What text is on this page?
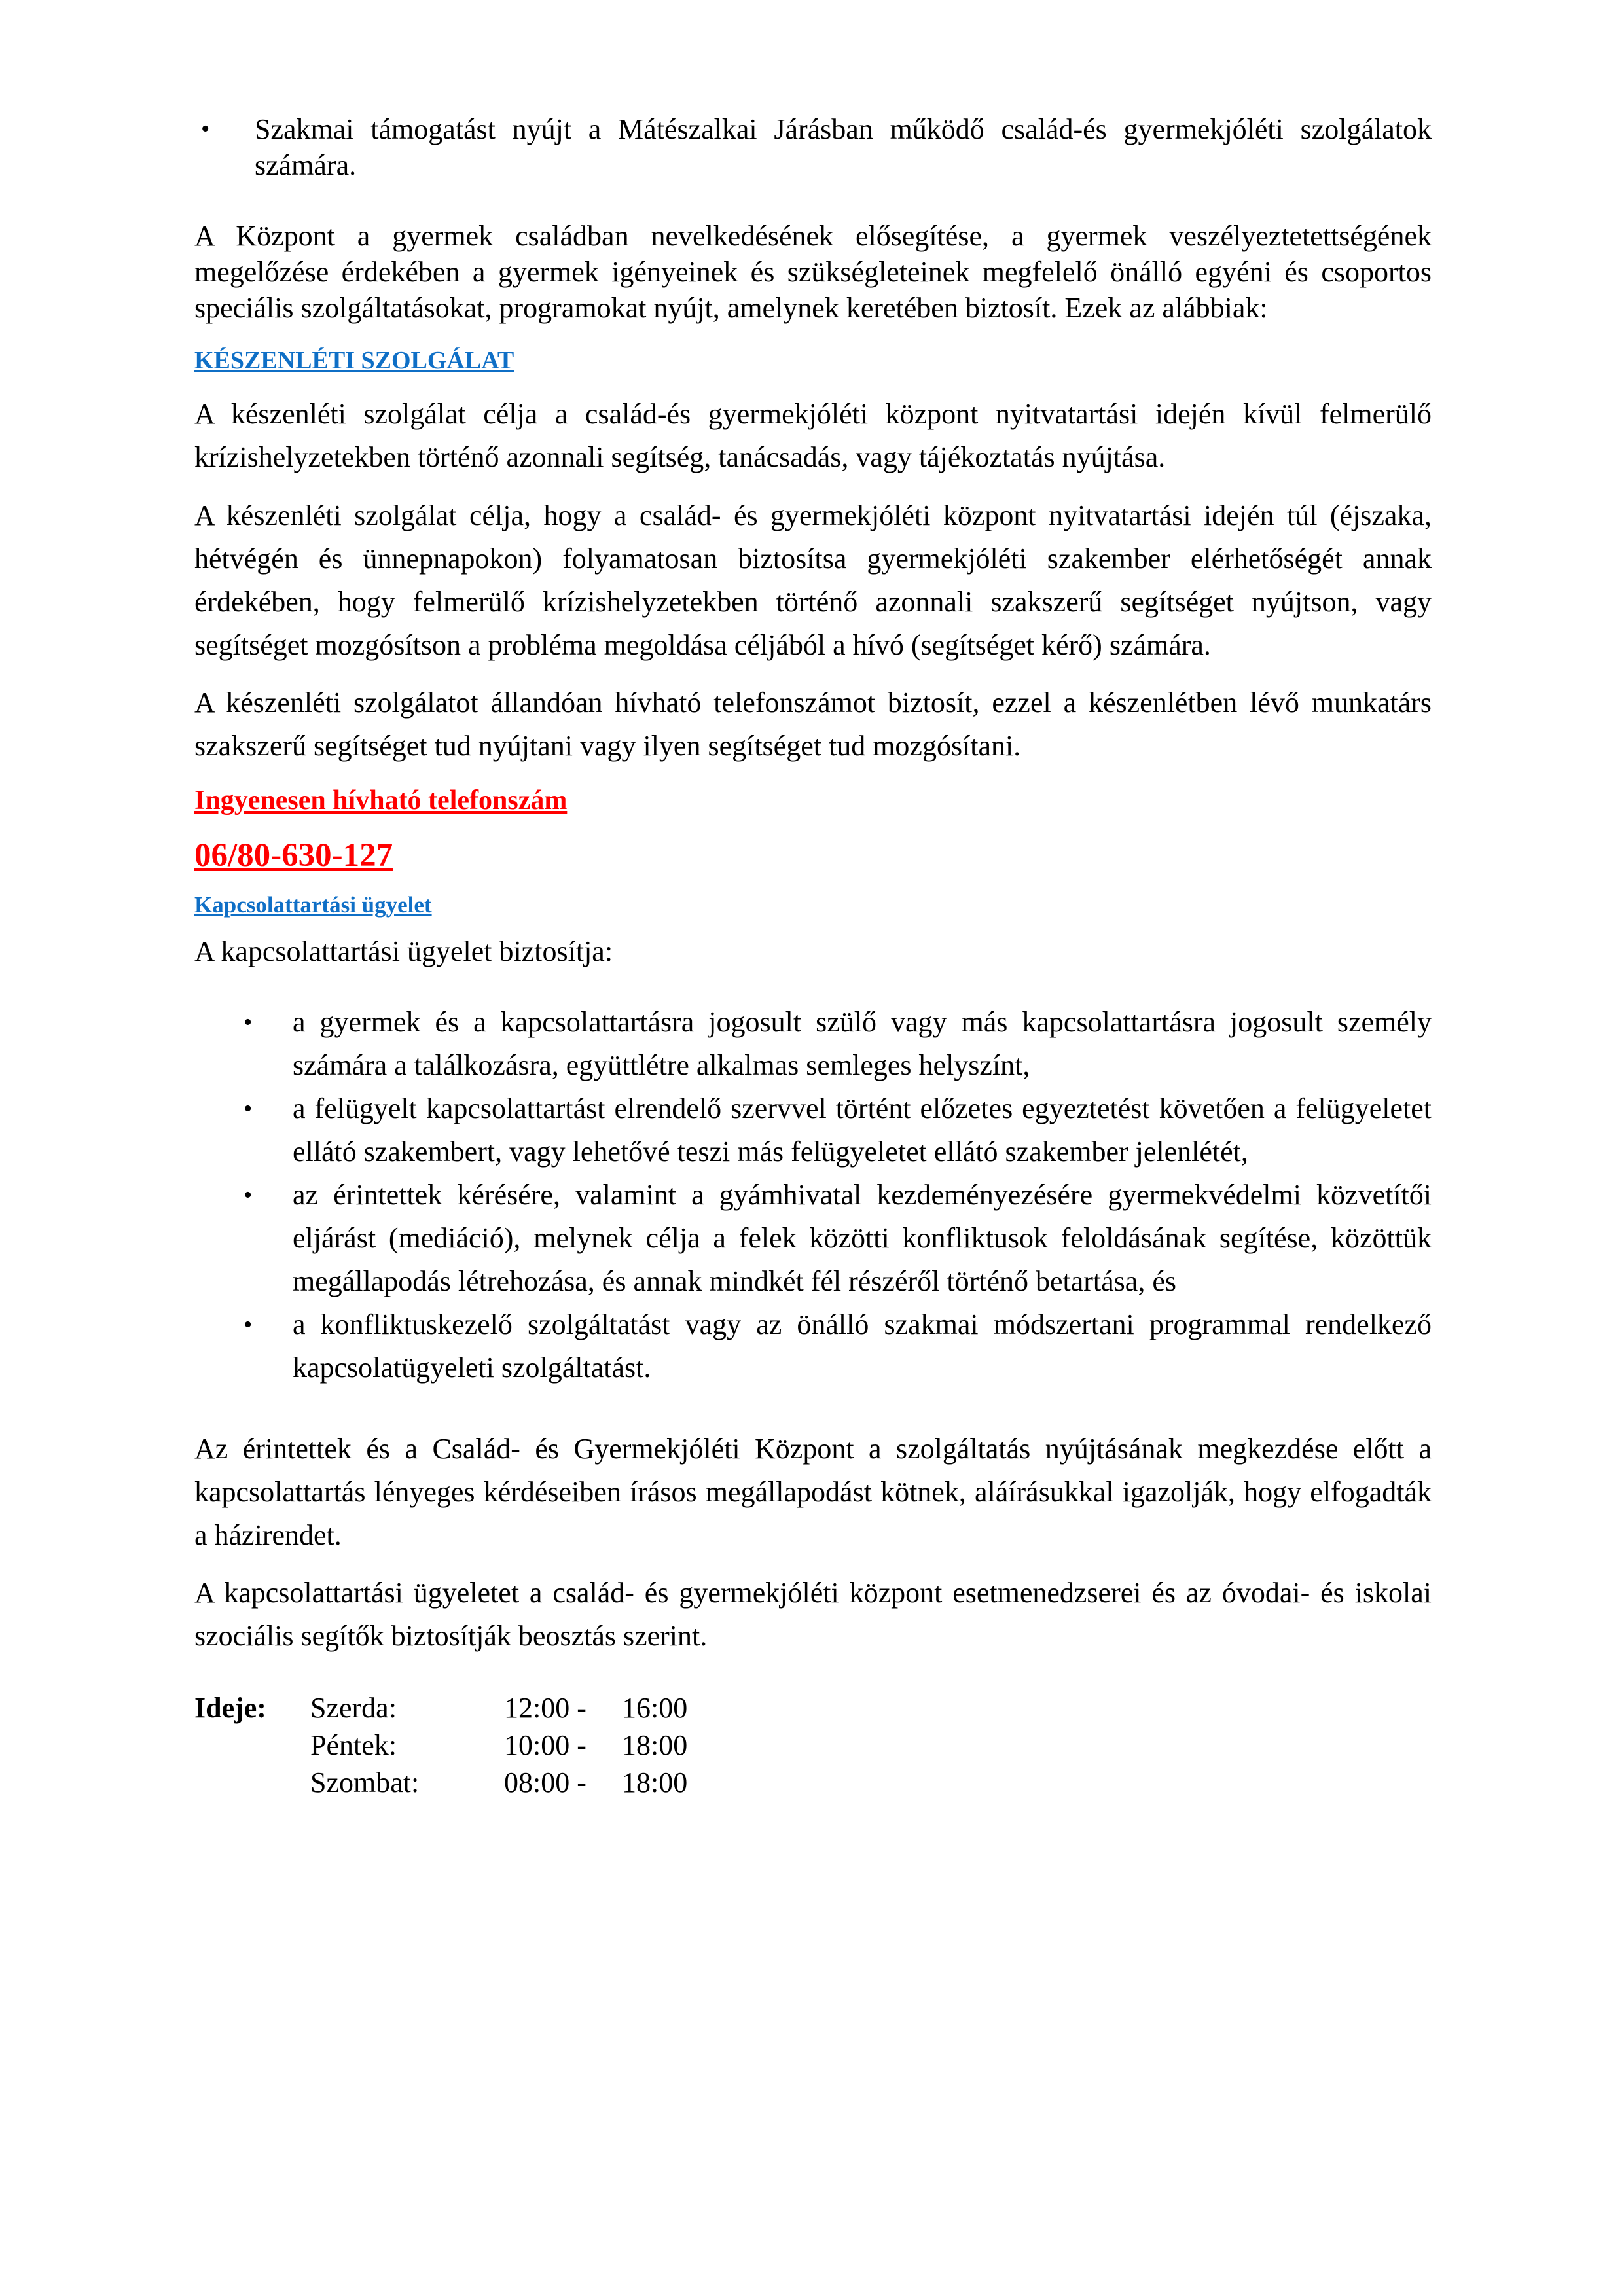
• Szakmai támogatást nyújt a Mátészalkai Járásban működő család-és gyermekjóléti szolgálatok számára.

A Központ a gyermek családban nevelkedésének elősegítése, a gyermek veszélyeztetettségének megelőzése érdekében a gyermek igényeinek és szükségleteinek megfelelő önálló egyéni és csoportos speciális szolgáltatásokat, programokat nyújt, amelynek keretében biztosít. Ezek az alábbiak:

KÉSZENLÉTI SZOLGÁLAT

A készenléti szolgálat célja a család-és gyermekjóléti központ nyitvatartási idején kívül felmerülő krízishelyzetekben történő azonnali segítség, tanácsadás, vagy tájékoztatás nyújtása.

A készenléti szolgálat célja, hogy a család- és gyermekjóléti központ nyitvatartási idején túl (éjszaka, hétvégén és ünnepnapokon) folyamatosan biztosítsa gyermekjóléti szakember elérhetőségét annak érdekében, hogy felmerülő krízishelyzetekben történő azonnali szakszerű segítséget nyújtson, vagy segítséget mozgósítson a probléma megoldása céljából a hívó (segítséget kérő) számára.

A készenléti szolgálatot állandóan hívható telefonszámot biztosít, ezzel a készenlétben lévő munkatárs szakszerű segítséget tud nyújtani vagy ilyen segítséget tud mozgósítani.

Ingyenesen hívható telefonszám

06/80-630-127

Kapcsolattartási ügyelet

A kapcsolattartási ügyelet biztosítja:

• a gyermek és a kapcsolattartásra jogosult szülő vagy más kapcsolattartásra jogosult személy számára a találkozásra, együttlétre alkalmas semleges helyszínt,
• a felügyelt kapcsolattartást elrendelő szervvel történt előzetes egyeztetést követően a felügyeletet ellátó szakembert, vagy lehetővé teszi más felügyeletet ellátó szakember jelenlétét,
• az érintettek kérésére, valamint a gyámhivatal kezdeményezésére gyermekvédelmi közvetítői eljárást (mediáció), melynek célja a felek közötti konfliktusok feloldásának segítése, közöttük megállapodás létrehozása, és annak mindkét fél részéről történő betartása, és
• a konfliktuskezelő szolgáltatást vagy az önálló szakmai módszertani programmal rendelkező kapcsolatügyeleti szolgáltatást.

Az érintettek és a Család- és Gyermekjóléti Központ a szolgáltatás nyújtásának megkezdése előtt a kapcsolattartás lényeges kérdéseiben írásos megállapodást kötnek, aláírásukkal igazolják, hogy elfogadták a házirendet.

A kapcsolattartási ügyeletet a család- és gyermekjóléti központ esetmenedzserei és az óvodai- és iskolai szociális segítők biztosítják beosztás szerint.

Ideje:	Szerda:	12:00 -	16:00
	Péntek:	10:00 -	18:00
	Szombat:	08:00 -	18:00
